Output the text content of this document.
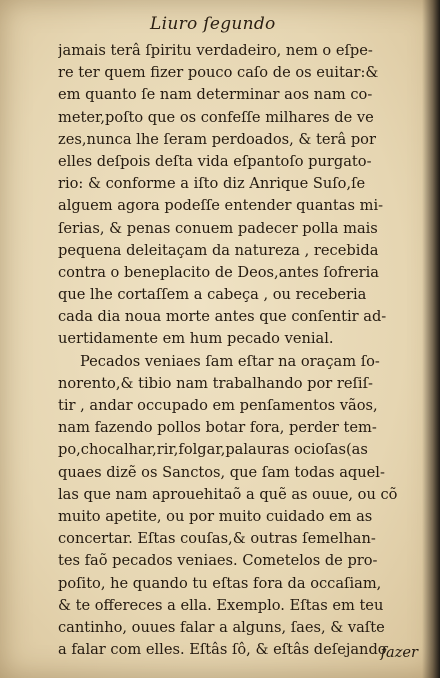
Liuro ſegundo
jamais terâ ſpiritu verdadeiro, nem o eſpe-
re ter quem fizer pouco caſo de os euitar:&
em quanto ſe nam determinar aos nam co-
meter,poſto que os confeſſe milhares de ve
zes,nunca lhe ſeram perdoados, & terâ por
elles deſpois deſta vida eſpantoſo purgato-
rio: & conforme a iſto diz Anrique Suſo,ſe
alguem agora podeſſe entender quantas mi-
ſerias, & penas conuem padecer polla mais
pequena deleitaçam da natureza , recebida
contra o beneplacito de Deos,antes ſofreria
que lhe cortaſſem a cabeça , ou receberia
cada dia noua morte antes que conſentir ad-
uertidamente em hum pecado venial.
Pecados veniaes ſam eſtar na oraçam ſo-
norento,& tibio nam trabalhando por reſiſ-
tir , andar occupado em penſamentos vãos,
nam fazendo pollos botar fora, perder tem-
po,chocalhar,rir,folgar,palauras ocioſas(as
quaes dizẽ os Sanctos, que ſam todas aquel-
las que nam aprouehitaõ a quẽ as ouue, ou cõ
muito apetite, ou por muito cuidado em as
concertar. Eſtas couſas,& outras ſemelhan-
tes faõ pecados veniaes. Cometelos de pro-
poſito, he quando tu eſtas fora da occaſiam,
& te offereces a ella. Exemplo. Eſtas em teu
cantinho, ouues falar a alguns, ſaes, & vaſte
a falar com elles. Eſtâs ſô, & eſtâs deſejando
fazer
